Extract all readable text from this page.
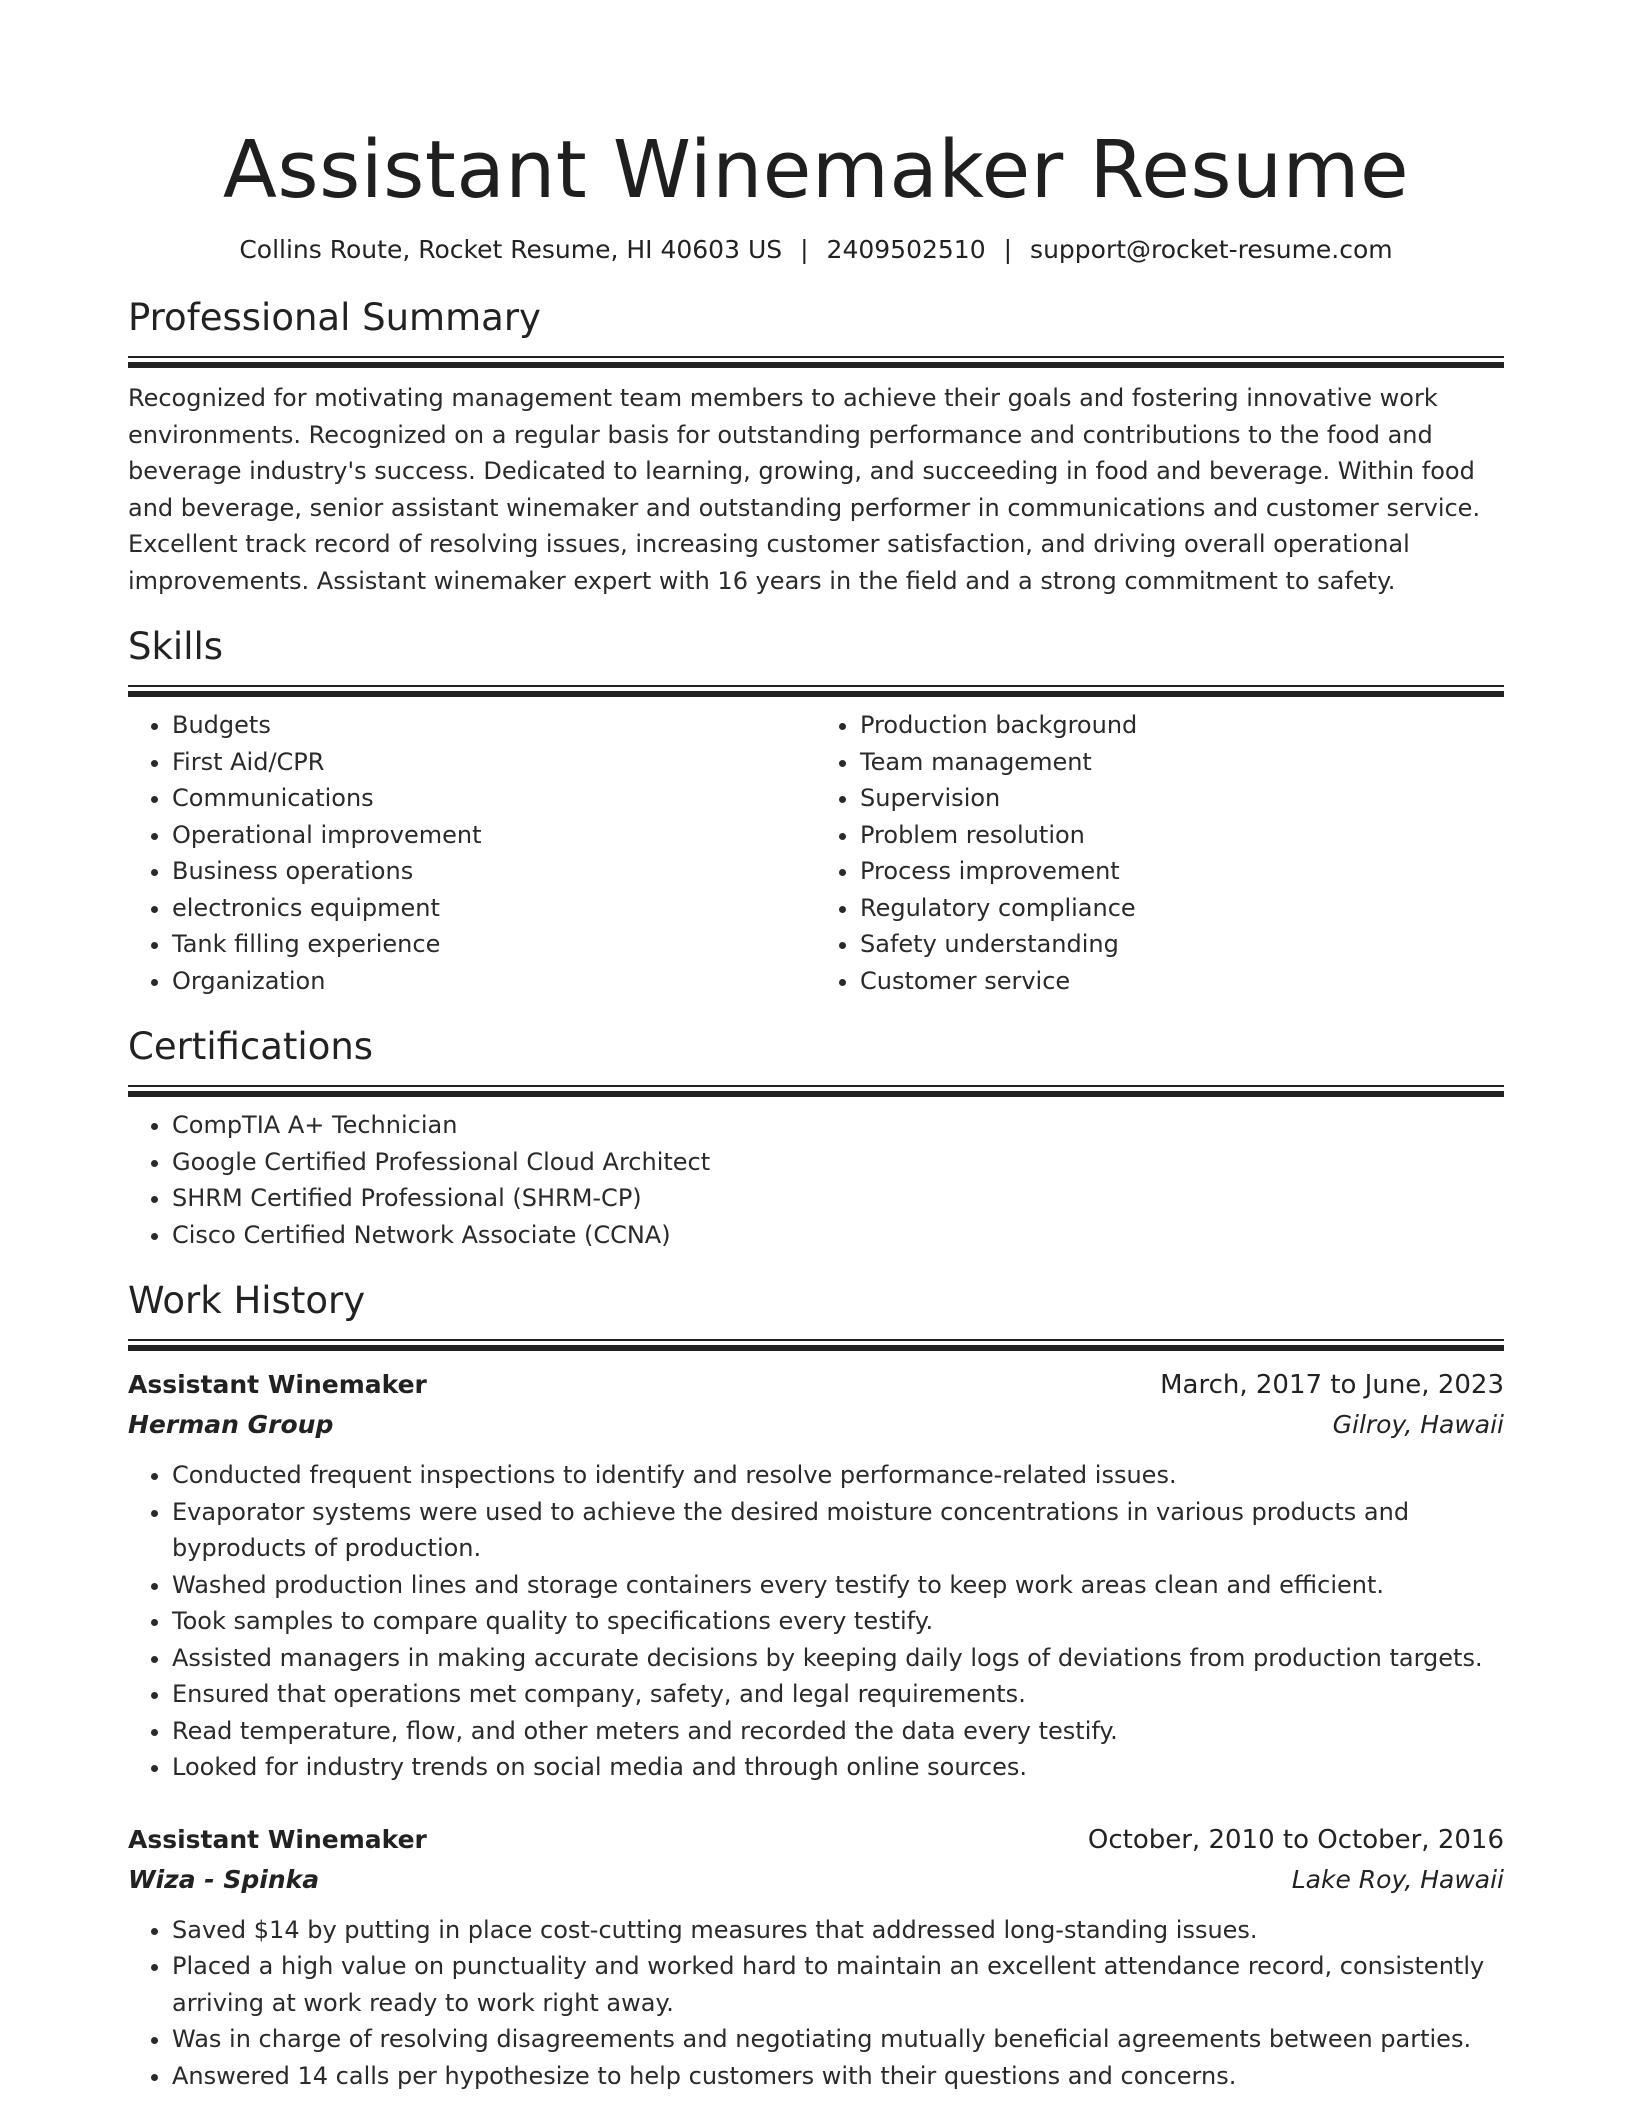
Assistant Winemaker Resume
Collins Route, Rocket Resume, HI 40603 US | 2409502510 | support@rocket-resume.com
Professional Summary

Recognized for motivating management team members to achieve their goals and fostering innovative work environments. Recognized on a regular basis for outstanding performance and contributions to the food and beverage industry's success. Dedicated to learning, growing, and succeeding in food and beverage. Within food and beverage, senior assistant winemaker and outstanding performer in communications and customer service. Excellent track record of resolving issues, increasing customer satisfaction, and driving overall operational improvements. Assistant winemaker expert with 16 years in the field and a strong commitment to safety.

Skills
• Budgets
• First Aid/CPR
• Communications
• Operational improvement
• Business operations
• electronics equipment
• Tank filling experience
• Organization
• Production background
• Team management
• Supervision
• Problem resolution
• Process improvement
• Regulatory compliance
• Safety understanding
• Customer service
Certifications
• CompTIA A+ Technician
• Google Certified Professional Cloud Architect
• SHRM Certified Professional (SHRM-CP)
• Cisco Certified Network Associate (CCNA)
Work History
Assistant Winemaker	March, 2017 to June, 2023
Herman Group	Gilroy, Hawaii
• Conducted frequent inspections to identify and resolve performance-related issues.
• Evaporator systems were used to achieve the desired moisture concentrations in various products and byproducts of production.
• Washed production lines and storage containers every testify to keep work areas clean and efficient.
• Took samples to compare quality to specifications every testify.
• Assisted managers in making accurate decisions by keeping daily logs of deviations from production targets.
• Ensured that operations met company, safety, and legal requirements.
• Read temperature, flow, and other meters and recorded the data every testify.
• Looked for industry trends on social media and through online sources.
Assistant Winemaker	October, 2010 to October, 2016
Wiza - Spinka	Lake Roy, Hawaii
• Saved $14 by putting in place cost-cutting measures that addressed long-standing issues.
• Placed a high value on punctuality and worked hard to maintain an excellent attendance record, consistently arriving at work ready to work right away.
• Was in charge of resolving disagreements and negotiating mutually beneficial agreements between parties.
• Answered 14 calls per hypothesize to help customers with their questions and concerns.
